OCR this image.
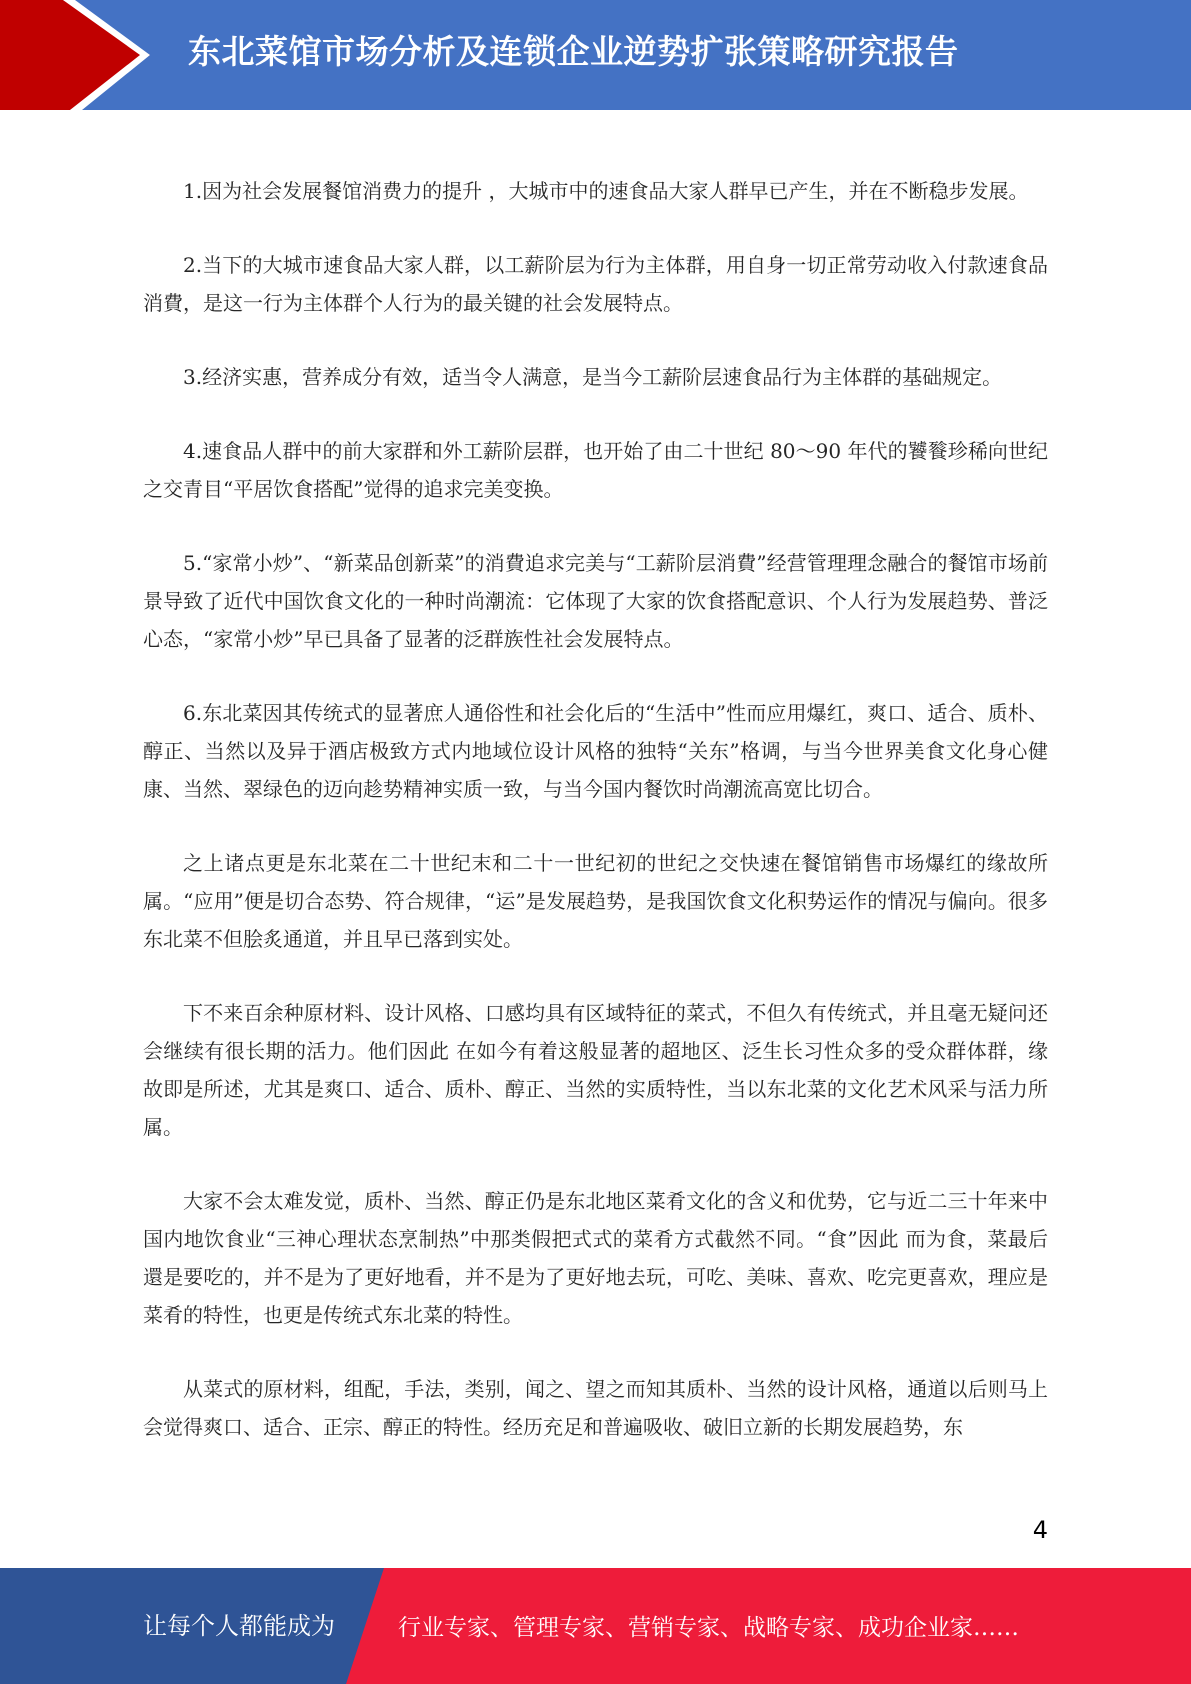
东北菜馆市场分析及连锁企业逆势扩张策略研究报告

1.因为社会发展餐馆消费力的提升 ，大城市中的速食品大家人群早已产生，并在不断稳步发展。

2.当下的大城市速食品大家人群，以工薪阶层为行为主体群，用自身一切正常劳动收入付款速食品消費，是这一行为主体群个人行为的最关键的社会发展特点。

3.经济实惠，营养成分有效，适当令人满意，是当今工薪阶层速食品行为主体群的基础规定。

4.速食品人群中的前大家群和外工薪阶层群，也开始了由二十世纪 80～90 年代的饕餮珍稀向世纪之交青目“平居饮食搭配”觉得的追求完美变换。

5.“家常小炒”、“新菜品创新菜”的消費追求完美与“工薪阶层消費”经营管理理念融合的餐馆市场前景导致了近代中国饮食文化的一种时尚潮流：它体现了大家的饮食搭配意识、个人行为发展趋势、普泛心态，“家常小炒”早已具备了显著的泛群族性社会发展特点。

6.东北菜因其传统式的显著庶人通俗性和社会化后的“生活中”性而应用爆红，爽口、适合、质朴、醇正、当然以及异于酒店极致方式内地域位设计风格的独特“关东”格调，与当今世界美食文化身心健康、当然、翠绿色的迈向趁势精神实质一致，与当今国内餐饮时尚潮流高宽比切合。

之上诸点更是东北菜在二十世纪末和二十一世纪初的世纪之交快速在餐馆销售市场爆红的缘故所属。“应用”便是切合态势、符合规律，“运”是发展趋势，是我国饮食文化积势运作的情况与偏向。很多东北菜不但脍炙通道，并且早已落到实处。

下不来百余种原材料、设计风格、口感均具有区域特征的菜式，不但久有传统式，并且毫无疑问还会继续有很长期的活力。他们因此 在如今有着这般显著的超地区、泛生长习性众多的受众群体群，缘故即是所述，尤其是爽口、适合、质朴、醇正、当然的实质特性，当以东北菜的文化艺术风采与活力所属。

大家不会太难发觉，质朴、当然、醇正仍是东北地区菜肴文化的含义和优势，它与近二三十年来中国内地饮食业“三神心理状态烹制热”中那类假把式式的菜肴方式截然不同。“食”因此 而为食，菜最后還是要吃的，并不是为了更好地看，并不是为了更好地去玩，可吃、美味、喜欢、吃完更喜欢，理应是菜肴的特性，也更是传统式东北菜的特性。

从菜式的原材料，组配，手法，类别，闻之、望之而知其质朴、当然的设计风格，通道以后则马上会觉得爽口、适合、正宗、醇正的特性。经历充足和普遍吸收、破旧立新的长期发展趋势，东

4
让每个人都能成为	行业专家、管理专家、营销专家、战略专家、成功企业家……
